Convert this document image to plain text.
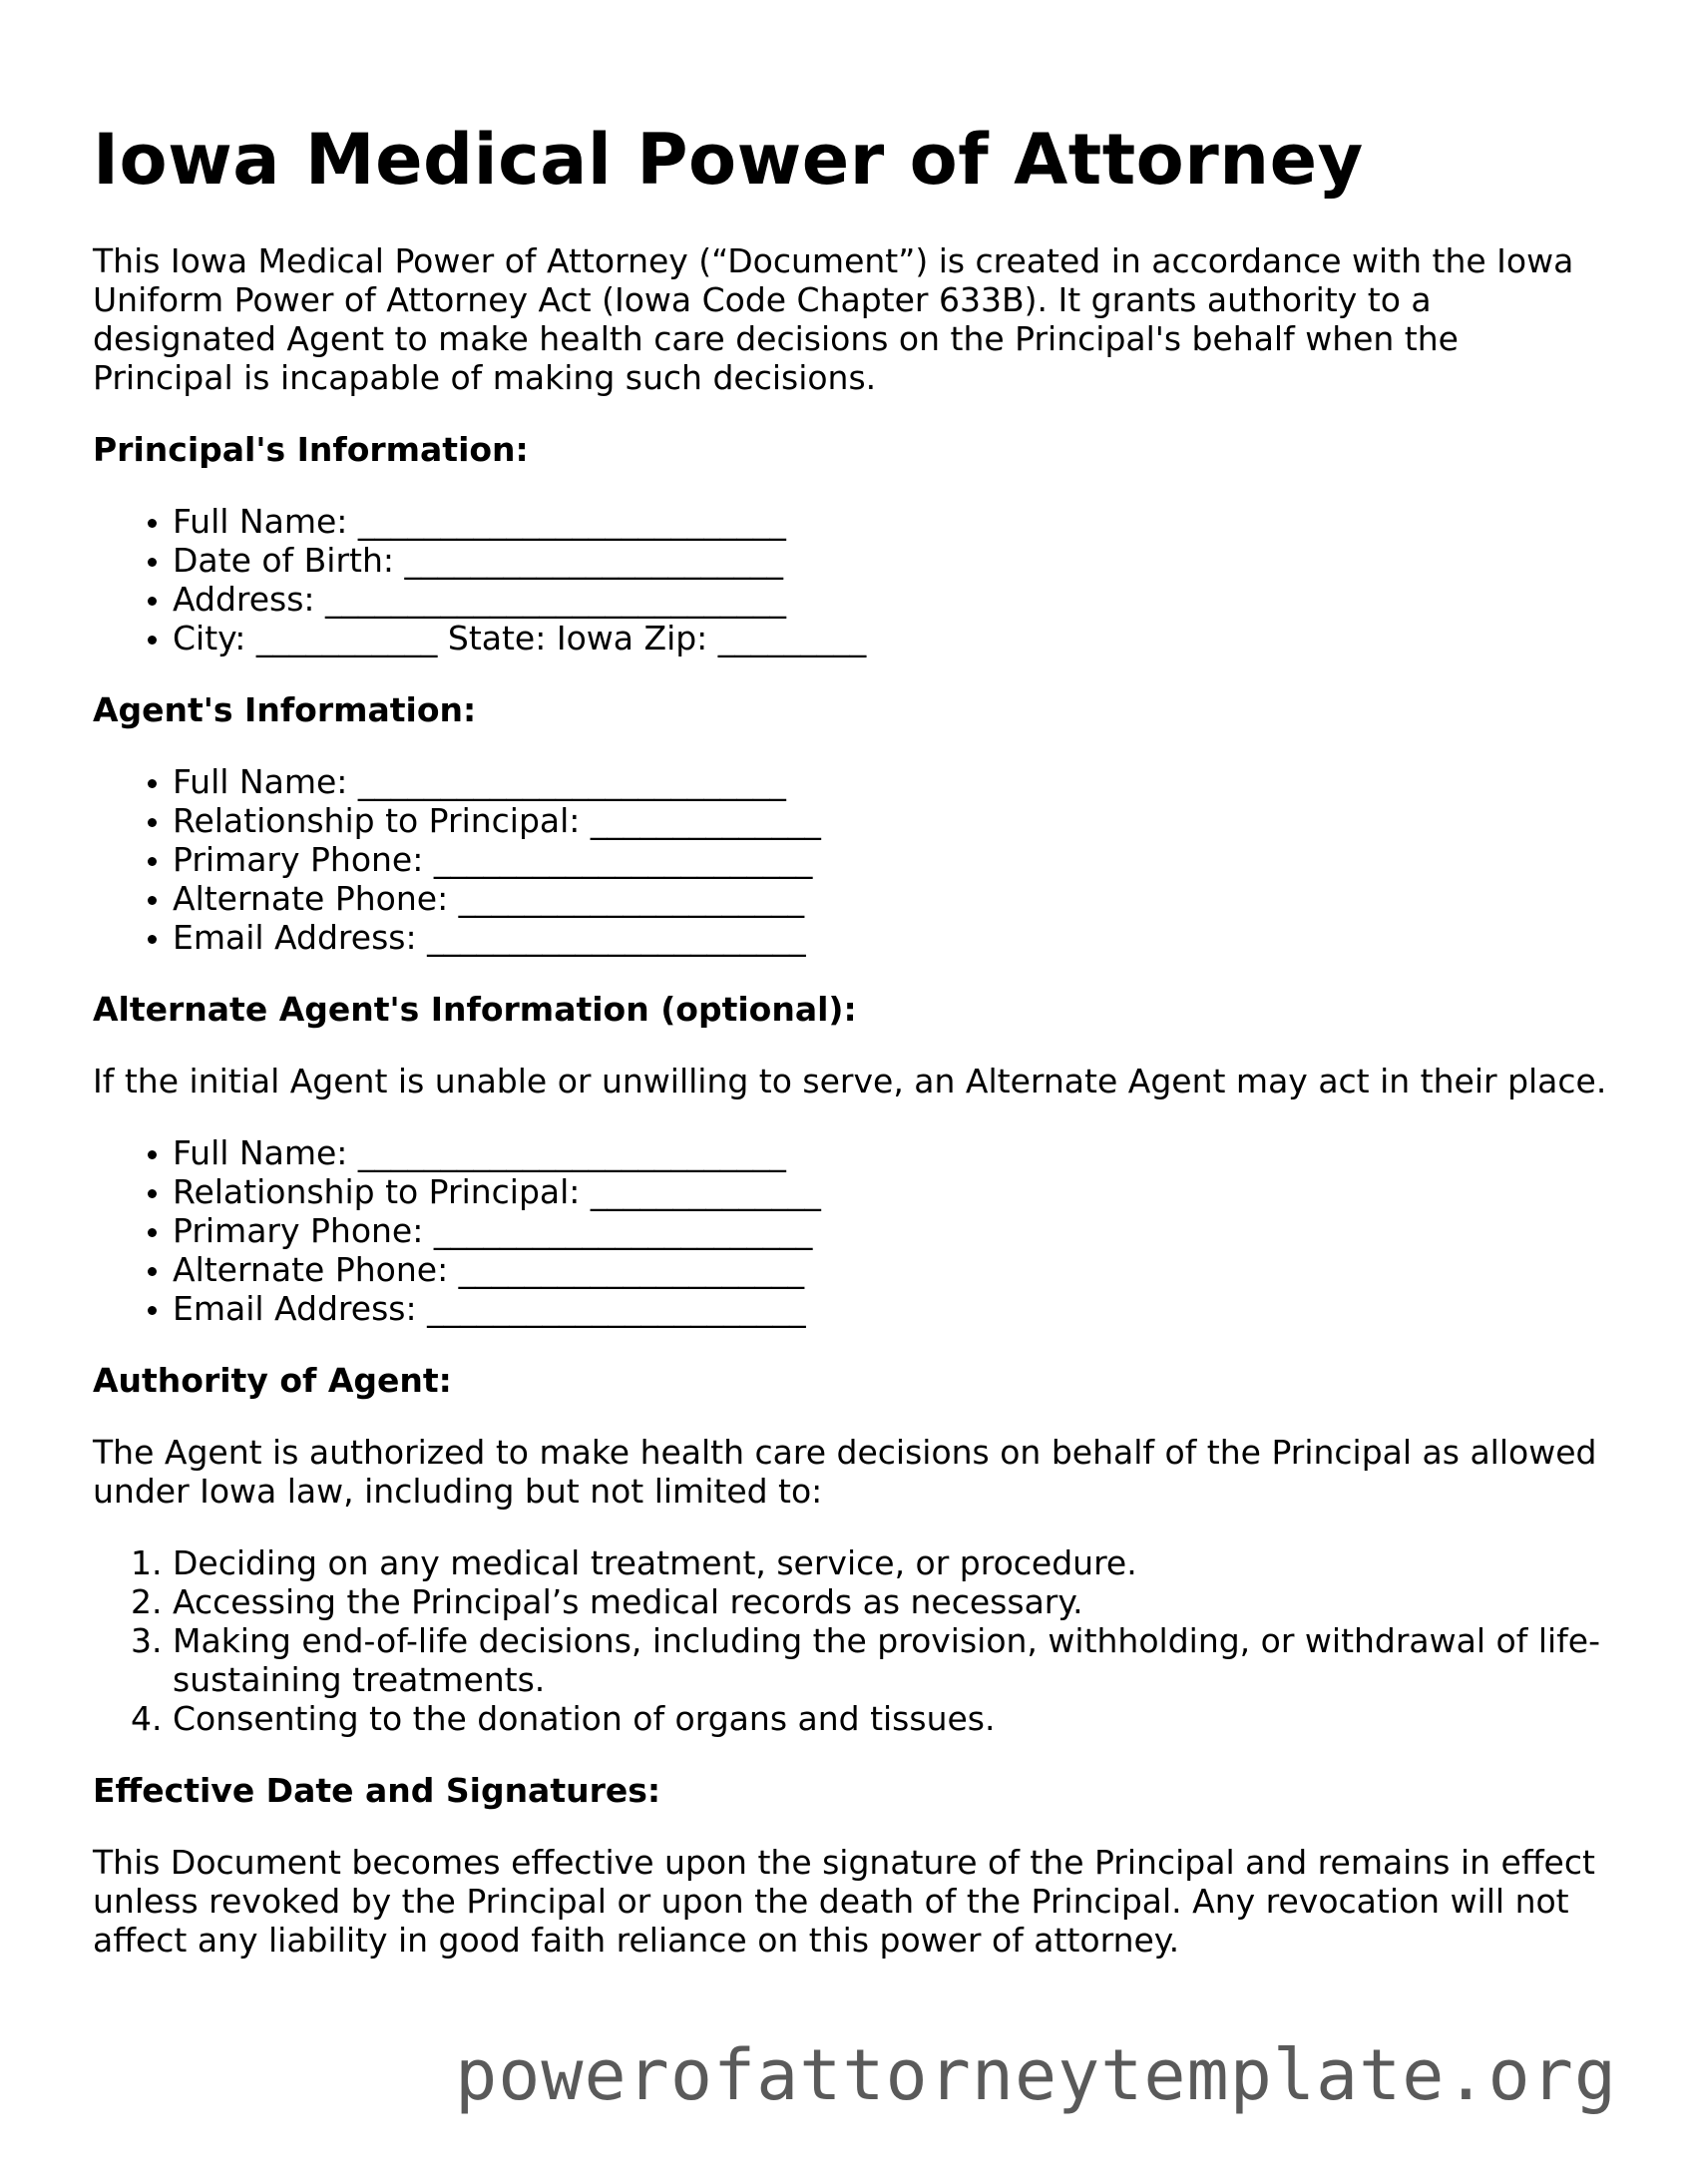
Iowa Medical Power of Attorney

This Iowa Medical Power of Attorney (“Document”) is created in accordance with the Iowa Uniform Power of Attorney Act (Iowa Code Chapter 633B). It grants authority to a designated Agent to make health care decisions on the Principal's behalf when the Principal is incapable of making such decisions.

Principal's Information:
• Full Name: __________________________
• Date of Birth: _______________________
• Address: ____________________________
• City: ___________ State: Iowa Zip: _________
Agent's Information:
• Full Name: __________________________
• Relationship to Principal: ______________
• Primary Phone: _______________________
• Alternate Phone: _____________________
• Email Address: _______________________
Alternate Agent's Information (optional):

If the initial Agent is unable or unwilling to serve, an Alternate Agent may act in their place.

• Full Name: __________________________
• Relationship to Principal: ______________
• Primary Phone: _______________________
• Alternate Phone: _____________________
• Email Address: _______________________
Authority of Agent:

The Agent is authorized to make health care decisions on behalf of the Principal as allowed under Iowa law, including but not limited to:

1. Deciding on any medical treatment, service, or procedure.
2. Accessing the Principal’s medical records as necessary.
3. Making end-of-life decisions, including the provision, withholding, or withdrawal of life-sustaining treatments.
4. Consenting to the donation of organs and tissues.
Effective Date and Signatures:

This Document becomes effective upon the signature of the Principal and remains in effect unless revoked by the Principal or upon the death of the Principal. Any revocation will not affect any liability in good faith reliance on this power of attorney.

powerofattorneytemplate.org
